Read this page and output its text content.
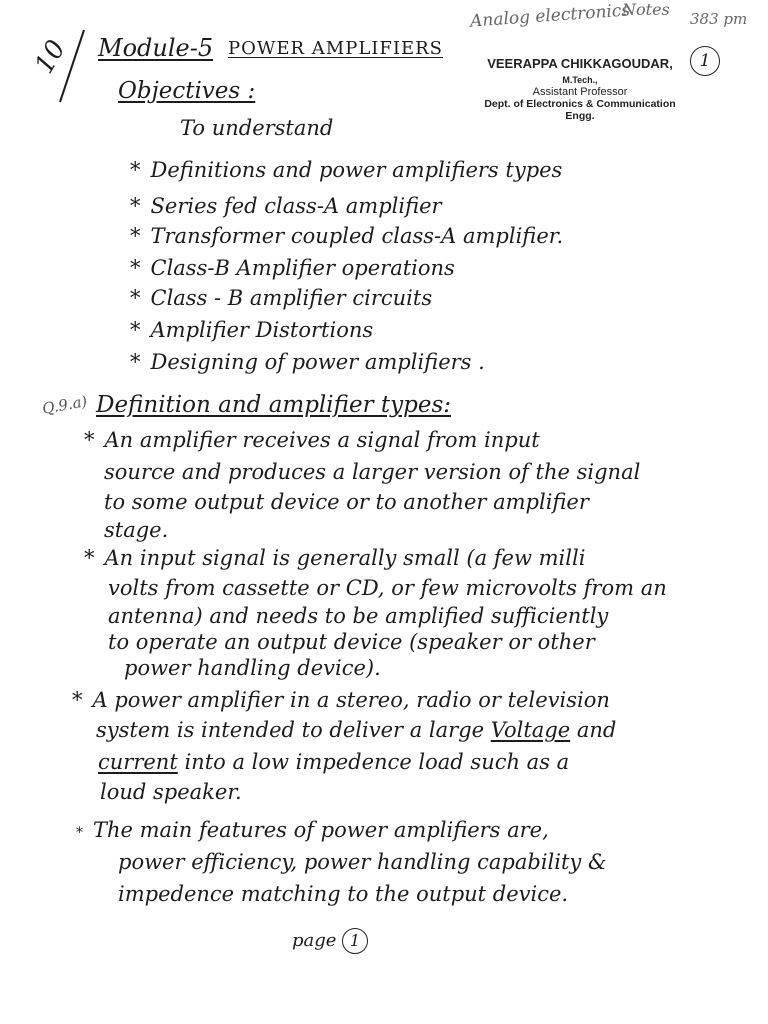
Analog electronics
Notes 383 pm
10 Module-5 POWER AMPLIFIERS
VEERAPPA CHIKKAGOUDAR, M.Tech.,
Assistant Professor
Dept. of Electronics & Communication Engg.
1
Objectives :
To understand
* Definitions and power amplifiers types
* Series fed class-A amplifier
* Transformer coupled class-A amplifier.
* Class-B Amplifier operations
* Class - B amplifier circuits
* Amplifier Distortions
* Designing of power amplifiers .
Q.9.a) Definition and amplifier types:
* An amplifier receives a signal from input
source and produces a larger version of the signal
to some output device or to another amplifier
stage.
* An input signal is generally small (a few milli
volts from cassette or CD, or few microvolts from an
antenna) and needs to be amplified sufficiently
to operate an output device (speaker or other
power handling device).
* A power amplifier in a stereo, radio or television
system is intended to deliver a large Voltage and
current into a low impedence load such as a
loud speaker.
* The main features of power amplifiers are,
power efficiency, power handling capability &
impedence matching to the output device.
page 1
